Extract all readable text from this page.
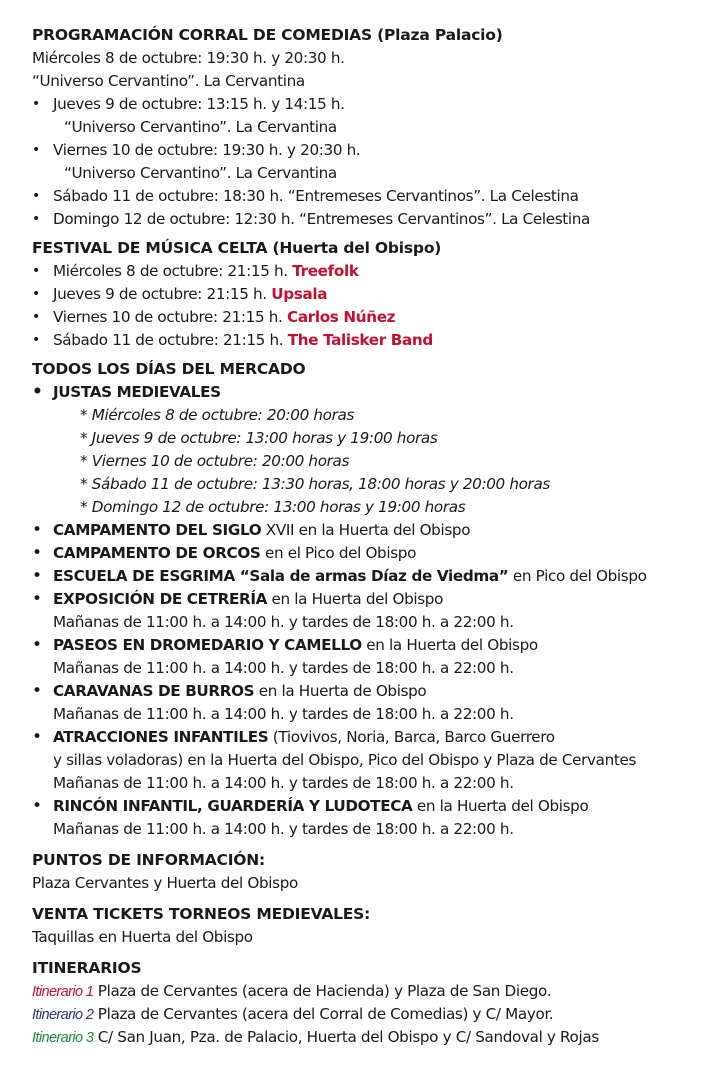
PROGRAMACIÓN CORRAL DE COMEDIAS (Plaza Palacio)
Miércoles 8 de octubre: 19:30 h. y 20:30 h.
“Universo Cervantino”. La Cervantina
• Jueves 9 de octubre: 13:15 h. y 14:15 h.
“Universo Cervantino”. La Cervantina
• Viernes 10 de octubre: 19:30 h. y 20:30 h.
“Universo Cervantino”. La Cervantina
• Sábado 11 de octubre: 18:30 h. “Entremeses Cervantinos”. La Celestina
• Domingo 12 de octubre: 12:30 h. “Entremeses Cervantinos”. La Celestina
FESTIVAL DE MÚSICA CELTA (Huerta del Obispo)
• Miércoles 8 de octubre: 21:15 h. Treefolk
• Jueves 9 de octubre: 21:15 h. Upsala
• Viernes 10 de octubre: 21:15 h. Carlos Núñez
• Sábado 11 de octubre: 21:15 h. The Talisker Band
TODOS LOS DÍAS DEL MERCADO
• JUSTAS MEDIEVALES
* Miércoles 8 de octubre: 20:00 horas
* Jueves 9 de octubre: 13:00 horas y 19:00 horas
* Viernes 10 de octubre: 20:00 horas
* Sábado 11 de octubre: 13:30 horas, 18:00 horas y 20:00 horas
* Domingo 12 de octubre: 13:00 horas y 19:00 horas
• CAMPAMENTO DEL SIGLO XVII en la Huerta del Obispo
• CAMPAMENTO DE ORCOS en el Pico del Obispo
• ESCUELA DE ESGRIMA “Sala de armas Díaz de Viedma” en Pico del Obispo
• EXPOSICIÓN DE CETRERÍA en la Huerta del Obispo
Mañanas de 11:00 h. a 14:00 h. y tardes de 18:00 h. a 22:00 h.
• PASEOS EN DROMEDARIO Y CAMELLO en la Huerta del Obispo
Mañanas de 11:00 h. a 14:00 h. y tardes de 18:00 h. a 22:00 h.
• CARAVANAS DE BURROS en la Huerta de Obispo
Mañanas de 11:00 h. a 14:00 h. y tardes de 18:00 h. a 22:00 h.
• ATRACCIONES INFANTILES (Tiovivos, Noria, Barca, Barco Guerrero
y sillas voladoras) en la Huerta del Obispo, Pico del Obispo y Plaza de Cervantes
Mañanas de 11:00 h. a 14:00 h. y tardes de 18:00 h. a 22:00 h.
• RINCÓN INFANTIL, GUARDERÍA Y LUDOTECA en la Huerta del Obispo
Mañanas de 11:00 h. a 14:00 h. y tardes de 18:00 h. a 22:00 h.
PUNTOS DE INFORMACIÓN:
Plaza Cervantes y Huerta del Obispo
VENTA TICKETS TORNEOS MEDIEVALES:
Taquillas en Huerta del Obispo
ITINERARIOS
Itinerario 1 Plaza de Cervantes (acera de Hacienda) y Plaza de San Diego.
Itinerario 2 Plaza de Cervantes (acera del Corral de Comedias) y C/ Mayor.
Itinerario 3 C/ San Juan, Pza. de Palacio, Huerta del Obispo y C/ Sandoval y Rojas
